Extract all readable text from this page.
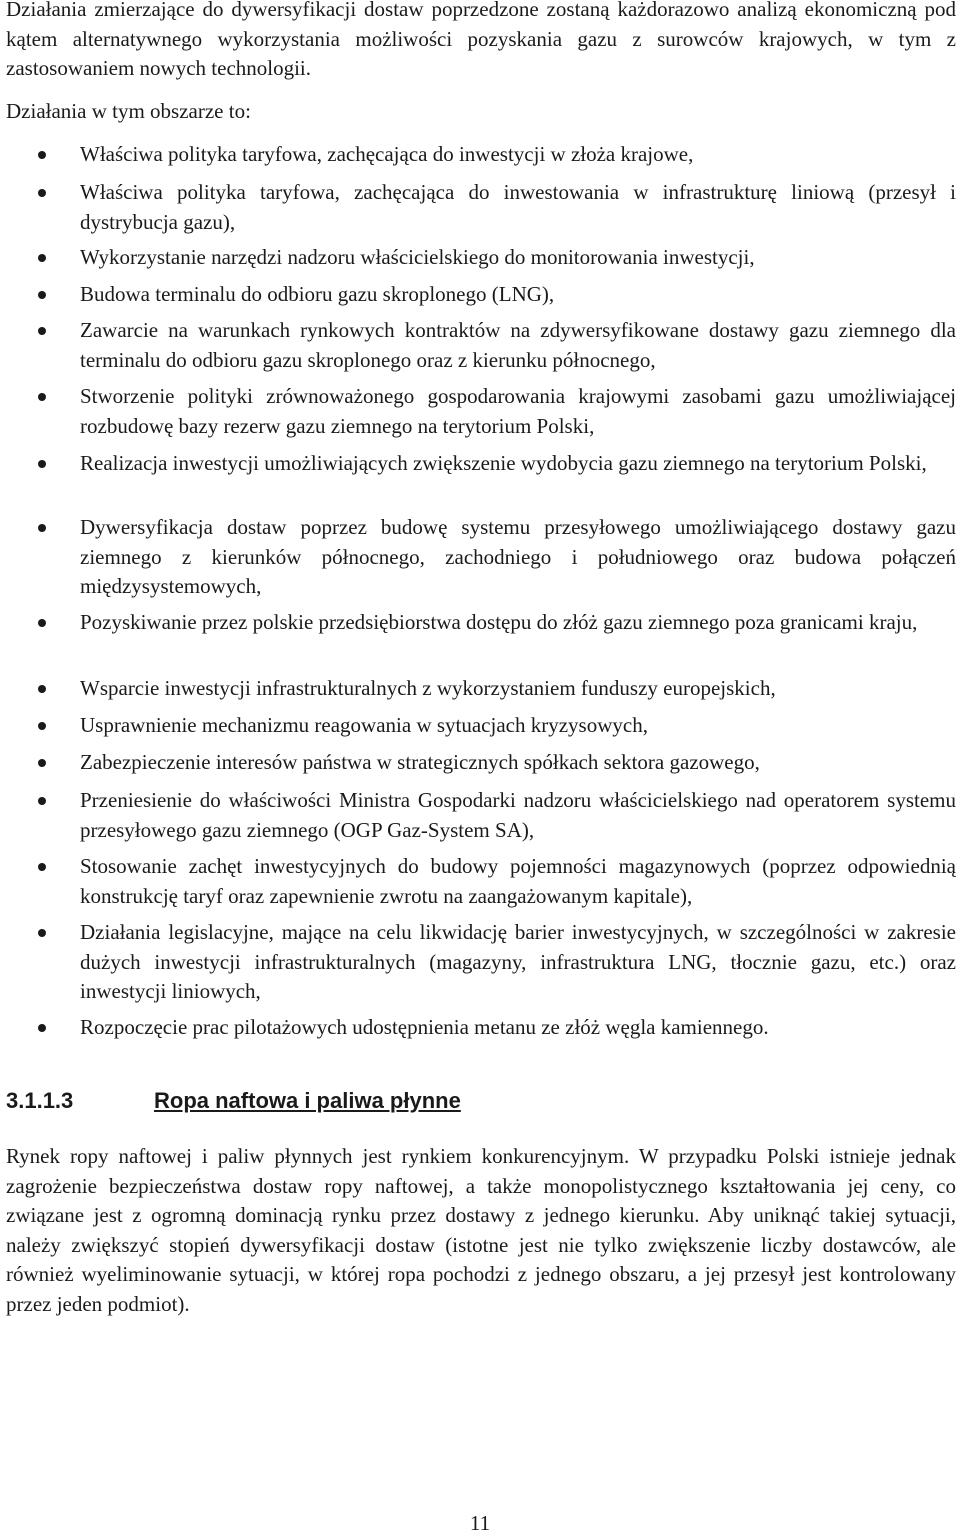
Działania zmierzające do dywersyfikacji dostaw poprzedzone zostaną każdorazowo analizą ekonomiczną pod kątem alternatywnego wykorzystania możliwości pozyskania gazu z surowców krajowych, w tym z zastosowaniem nowych technologii.

Działania w tym obszarze to:

Właściwa polityka taryfowa, zachęcająca do inwestycji w złoża krajowe,
Właściwa polityka taryfowa, zachęcająca do inwestowania w infrastrukturę liniową (przesył i dystrybucja gazu),
Wykorzystanie narzędzi nadzoru właścicielskiego do monitorowania inwestycji,
Budowa terminalu do odbioru gazu skroplonego (LNG),
Zawarcie na warunkach rynkowych kontraktów na zdywersyfikowane dostawy gazu ziemnego dla terminalu do odbioru gazu skroplonego oraz z kierunku północnego,
Stworzenie polityki zrównoważonego gospodarowania krajowymi zasobami gazu umożliwiającej rozbudowę bazy rezerw gazu ziemnego na terytorium Polski,
Realizacja inwestycji umożliwiających zwiększenie wydobycia gazu ziemnego na terytorium Polski,
Dywersyfikacja dostaw poprzez budowę systemu przesyłowego umożliwiającego dostawy gazu ziemnego z kierunków północnego, zachodniego i południowego oraz budowa połączeń międzysystemowych,
Pozyskiwanie przez polskie przedsiębiorstwa dostępu do złóż gazu ziemnego poza granicami kraju,
Wsparcie inwestycji infrastrukturalnych z wykorzystaniem funduszy europejskich,
Usprawnienie mechanizmu reagowania w sytuacjach kryzysowych,
Zabezpieczenie interesów państwa w strategicznych spółkach sektora gazowego,
Przeniesienie do właściwości Ministra Gospodarki nadzoru właścicielskiego nad operatorem systemu przesyłowego gazu ziemnego (OGP Gaz-System SA),
Stosowanie zachęt inwestycyjnych do budowy pojemności magazynowych (poprzez odpowiednią konstrukcję taryf oraz zapewnienie zwrotu na zaangażowanym kapitale),
Działania legislacyjne, mające na celu likwidację barier inwestycyjnych, w szczególności w zakresie dużych inwestycji infrastrukturalnych (magazyny, infrastruktura LNG, tłocznie gazu, etc.) oraz inwestycji liniowych,
Rozpoczęcie prac pilotażowych udostępnienia metanu ze złóż węgla kamiennego.
3.1.1.3	Ropa naftowa i paliwa płynne

Rynek ropy naftowej i paliw płynnych jest rynkiem konkurencyjnym. W przypadku Polski istnieje jednak zagrożenie bezpieczeństwa dostaw ropy naftowej, a także monopolistycznego kształtowania jej ceny, co związane jest z ogromną dominacją rynku przez dostawy z jednego kierunku. Aby uniknąć takiej sytuacji, należy zwiększyć stopień dywersyfikacji dostaw (istotne jest nie tylko zwiększenie liczby dostawców, ale również wyeliminowanie sytuacji, w której ropa pochodzi z jednego obszaru, a jej przesył jest kontrolowany przez jeden podmiot).

11
